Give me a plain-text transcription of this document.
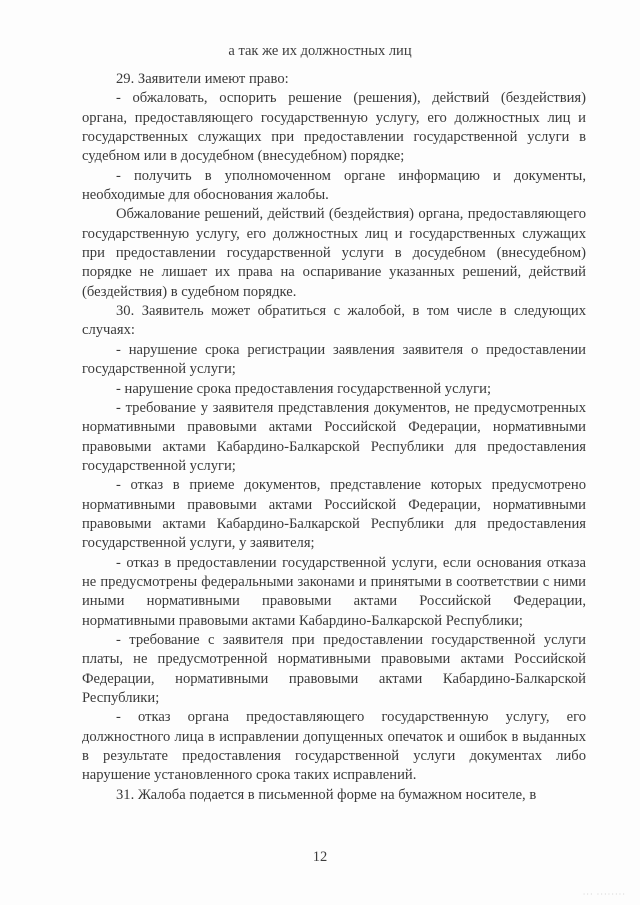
а так же их должностных лиц

29. Заявители имеют право:

- обжаловать, оспорить решение (решения), действий (бездействия) органа, предоставляющего государственную услугу, его должностных лиц и государственных служащих при предоставлении государственной услуги в судебном или в досудебном (внесудебном) порядке;

- получить в уполномоченном органе информацию и документы, необходимые для обоснования жалобы.

Обжалование решений, действий (бездействия) органа, предоставляющего государственную услугу, его должностных лиц и государственных служащих при предоставлении государственной услуги в досудебном (внесудебном) порядке не лишает их права на оспаривание указанных решений, действий (бездействия) в судебном порядке.

30. Заявитель может обратиться с жалобой, в том числе в следующих случаях:

- нарушение срока регистрации заявления заявителя о предоставлении государственной услуги;

- нарушение срока предоставления государственной услуги;

- требование у заявителя представления документов, не предусмотренных нормативными правовыми актами Российской Федерации, нормативными правовыми актами Кабардино-Балкарской Республики для предоставления государственной услуги;

- отказ в приеме документов, представление которых предусмотрено нормативными правовыми актами Российской Федерации, нормативными правовыми актами Кабардино-Балкарской Республики для предоставления государственной услуги, у заявителя;

- отказ в предоставлении государственной услуги, если основания отказа не предусмотрены федеральными законами и принятыми в соответствии с ними иными нормативными правовыми актами Российской Федерации, нормативными правовыми актами Кабардино-Балкарской Республики;

- требование с заявителя при предоставлении государственной услуги платы, не предусмотренной нормативными правовыми актами Российской Федерации, нормативными правовыми актами Кабардино-Балкарской Республики;

- отказ органа предоставляющего государственную услугу, его должностного лица в исправлении допущенных опечаток и ошибок в выданных в результате предоставления государственной услуги документах либо нарушение установленного срока таких исправлений.

31. Жалоба подается в письменной форме на бумажном носителе, в

12
··· ········
